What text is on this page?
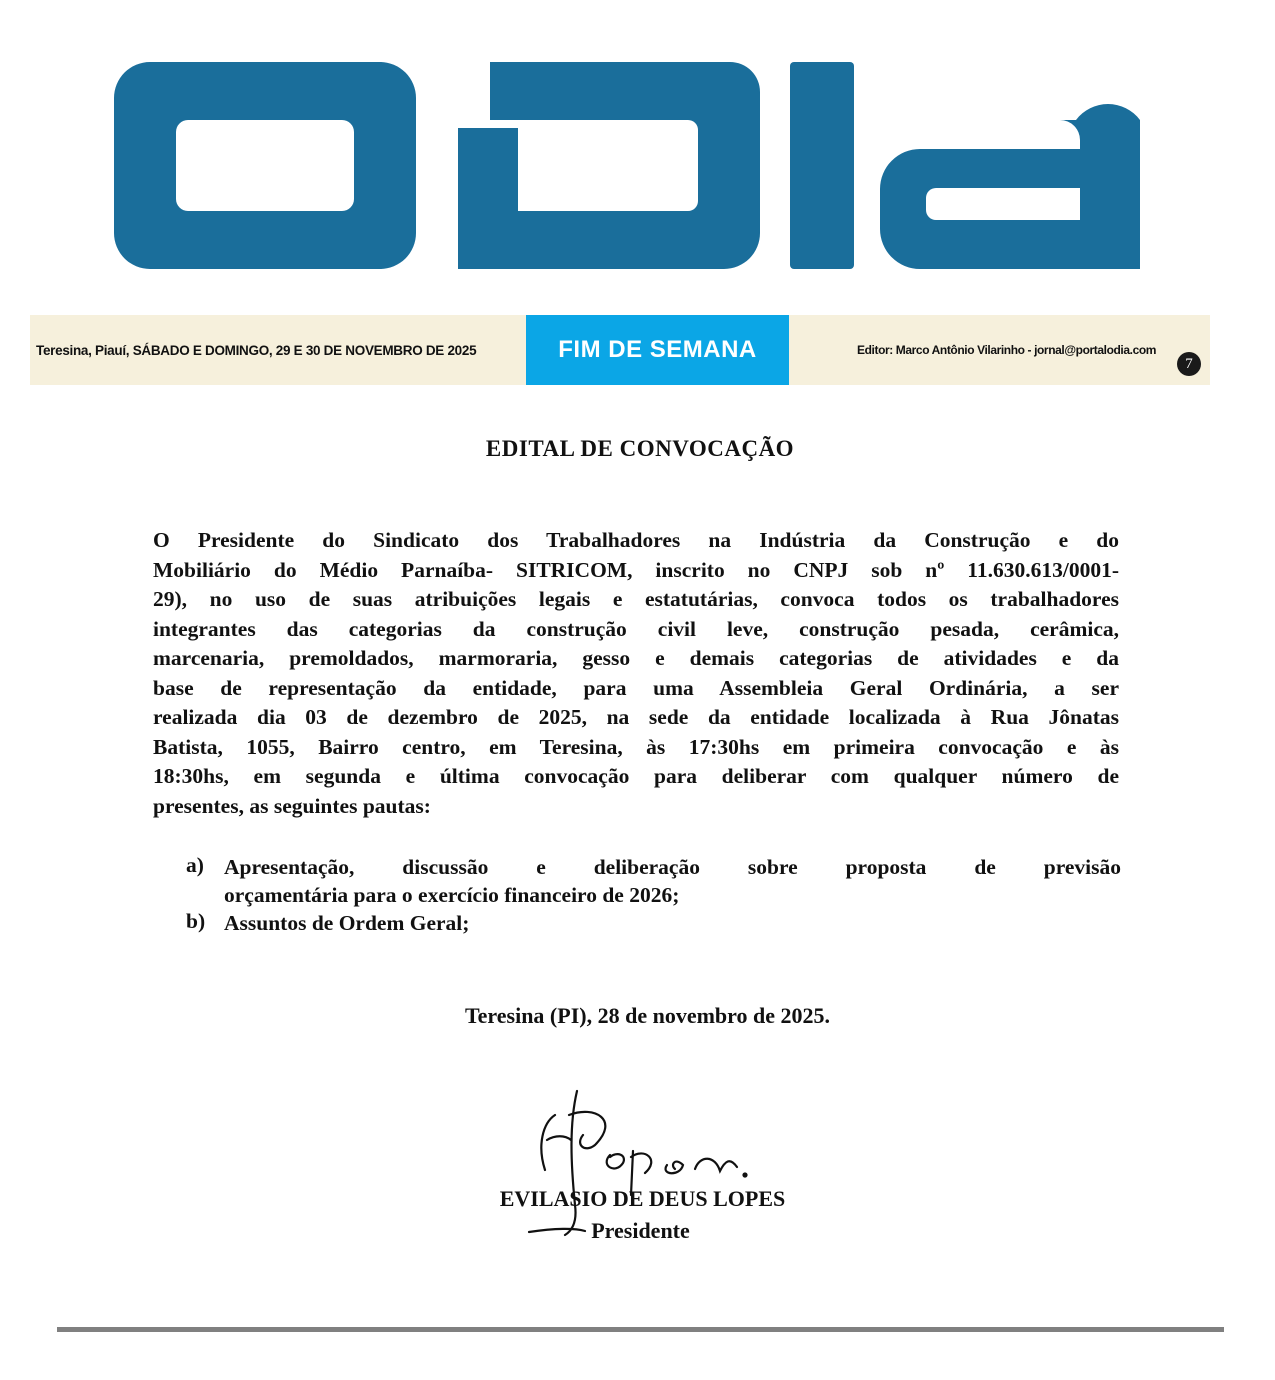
Teresina, Piauí, SÁBADO E DOMINGO, 29 E 30 DE NOVEMBRO DE 2025	FIM DE SEMANA	Editor: Marco Antônio Vilarinho - jornal@portalodia.com
7
EDITAL DE CONVOCAÇÃO
O Presidente do Sindicato dos Trabalhadores na Indústria da Construção e do
Mobiliário do Médio Parnaíba- SITRICOM, inscrito no CNPJ sob nº 11.630.613/0001-
29), no uso de suas atribuições legais e estatutárias, convoca todos os trabalhadores
integrantes das categorias da construção civil leve, construção pesada, cerâmica,
marcenaria, premoldados, marmoraria, gesso e demais categorias de atividades e da
base de representação da entidade, para uma Assembleia Geral Ordinária, a ser
realizada dia 03 de dezembro de 2025, na sede da entidade localizada à Rua Jônatas
Batista, 1055, Bairro centro, em Teresina, às 17:30hs em primeira convocação e às
18:30hs, em segunda e última convocação para deliberar com qualquer número de
presentes, as seguintes pautas:
a) Apresentação, discussão e deliberação sobre proposta de previsão
orçamentária para o exercício financeiro de 2026;
b) Assuntos de Ordem Geral;
Teresina (PI), 28 de novembro de 2025.
EVILASIO DE DEUS LOPES
Presidente
